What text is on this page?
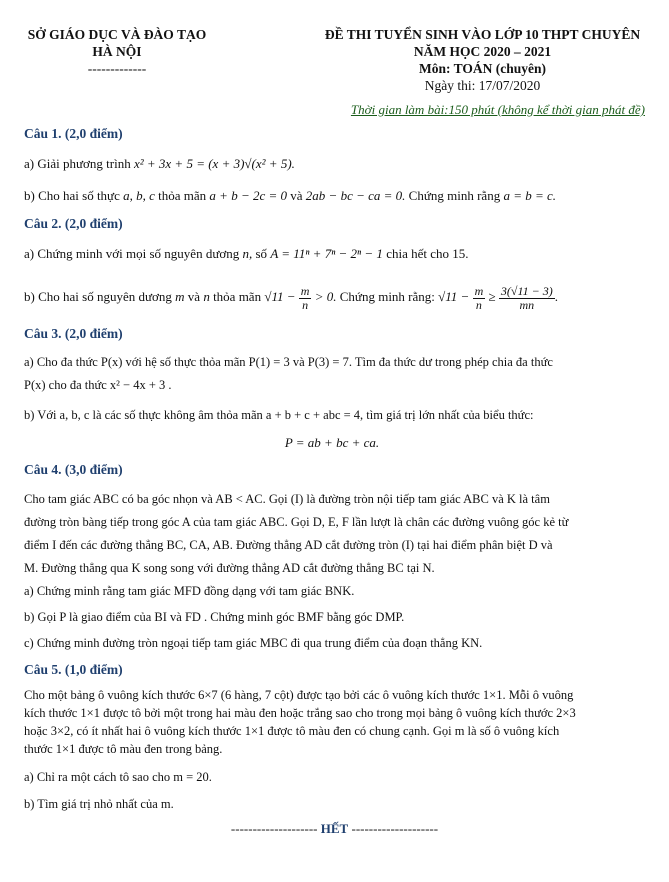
SỞ GIÁO DỤC VÀ ĐÀO TẠO
HÀ NỘI
-------------
ĐỀ THI TUYỂN SINH VÀO LỚP 10 THPT CHUYÊN
NĂM HỌC 2020 – 2021
Môn: TOÁN (chuyên)
Ngày thi: 17/07/2020
Thời gian làm bài:150 phút (không kể thời gian phát đề)
Câu 1. (2,0 điểm)
a) Giải phương trình x² + 3x + 5 = (x + 3)√(x² + 5).
b) Cho hai số thực a, b, c thỏa mãn a + b − 2c = 0 và 2ab − bc − ca = 0. Chứng minh rằng a = b = c.
Câu 2. (2,0 điểm)
a) Chứng minh với mọi số nguyên dương n, số A = 11ⁿ + 7ⁿ − 2ⁿ − 1 chia hết cho 15.
b) Cho hai số nguyên dương m và n thỏa mãn $√11 - \frac{m}{n} > 0$. Chứng minh rằng: $√11 - \frac{m}{n} \ge \frac{3(√11 - 3)}{mn}$ .
Câu 3. (2,0 điểm)
a) Cho đa thức P(x) với hệ số thực thỏa mãn P(1) = 3 và P(3) = 7. Tìm đa thức dư trong phép chia đa thức
P(x) cho đa thức x² − 4x + 3 .
b) Với a, b, c là các số thực không âm thỏa mãn a + b + c + abc = 4, tìm giá trị lớn nhất của biểu thức:
P = ab + bc + ca.
Câu 4. (3,0 điểm)
Cho tam giác ABC có ba góc nhọn và AB < AC. Gọi (I) là đường tròn nội tiếp tam giác ABC và K là tâm
đường tròn bàng tiếp trong góc A của tam giác ABC. Gọi D, E, F lần lượt là chân các đường vuông góc kẻ từ
điểm I đến các đường thẳng BC, CA, AB. Đường thẳng AD cắt đường tròn (I) tại hai điểm phân biệt D và
M. Đường thẳng qua K song song với đường thẳng AD cắt đường thẳng BC tại N.
a) Chứng minh rằng tam giác MFD đồng dạng với tam giác BNK.
b) Gọi P là giao điểm của BI và FD . Chứng minh góc BMF bằng góc DMP.
c) Chứng minh đường tròn ngoại tiếp tam giác MBC đi qua trung điểm của đoạn thẳng KN.
Câu 5. (1,0 điểm)
Cho một bảng ô vuông kích thước 6×7 (6 hàng, 7 cột) được tạo bởi các ô vuông kích thước 1×1. Mỗi ô vuông
kích thước 1×1 được tô bởi một trong hai màu đen hoặc trắng sao cho trong mọi bảng ô vuông kích thước 2×3
hoặc 3×2, có ít nhất hai ô vuông kích thước 1×1 được tô màu đen có chung cạnh. Gọi m là số ô vuông kích
thước 1×1 được tô màu đen trong bảng.
a) Chỉ ra một cách tô sao cho m = 20.
b) Tìm giá trị nhỏ nhất của m.
-------------------- HẾT --------------------
